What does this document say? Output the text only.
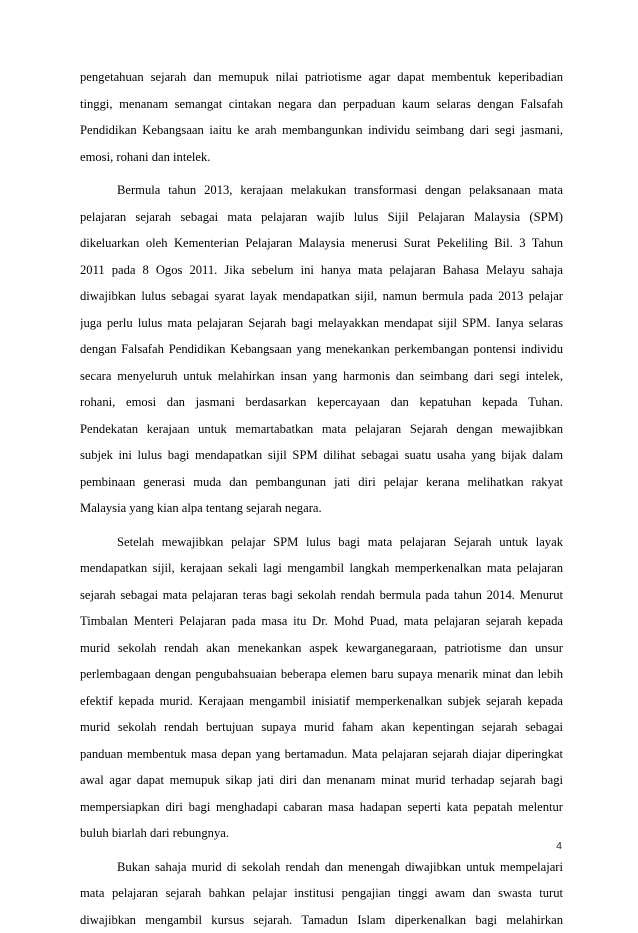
pengetahuan sejarah dan memupuk nilai patriotisme agar dapat membentuk keperibadian
tinggi, menanam semangat cintakan negara dan perpaduan kaum selaras dengan Falsafah
Pendidikan Kebangsaan iaitu ke arah membangunkan individu seimbang dari segi jasmani,
emosi, rohani dan intelek.
Bermula tahun 2013, kerajaan melakukan transformasi dengan pelaksanaan mata
pelajaran sejarah sebagai mata pelajaran wajib lulus Sijil Pelajaran Malaysia (SPM)
dikeluarkan oleh Kementerian Pelajaran Malaysia menerusi Surat Pekeliling Bil. 3 Tahun
2011 pada 8 Ogos 2011. Jika sebelum ini hanya mata pelajaran Bahasa Melayu sahaja
diwajibkan lulus sebagai syarat layak mendapatkan sijil, namun bermula pada 2013 pelajar
juga perlu lulus mata pelajaran Sejarah bagi melayakkan mendapat sijil SPM. Ianya selaras
dengan Falsafah Pendidikan Kebangsaan yang menekankan perkembangan pontensi individu
secara menyeluruh untuk melahirkan insan yang harmonis dan seimbang dari segi intelek,
rohani, emosi dan jasmani berdasarkan kepercayaan dan kepatuhan kepada Tuhan.
Pendekatan kerajaan untuk memartabatkan mata pelajaran Sejarah dengan mewajibkan
subjek ini lulus bagi mendapatkan sijil SPM dilihat sebagai suatu usaha yang bijak dalam
pembinaan generasi muda dan pembangunan jati diri pelajar kerana melihatkan rakyat
Malaysia yang kian alpa tentang sejarah negara.
Setelah mewajibkan pelajar SPM lulus bagi mata pelajaran Sejarah untuk layak
mendapatkan sijil, kerajaan sekali lagi mengambil langkah memperkenalkan mata pelajaran
sejarah sebagai mata pelajaran teras bagi sekolah rendah bermula pada tahun 2014. Menurut
Timbalan Menteri Pelajaran pada masa itu Dr. Mohd Puad, mata pelajaran sejarah kepada
murid sekolah rendah akan menekankan aspek kewarganegaraan, patriotisme dan unsur
perlembagaan dengan pengubahsuaian beberapa elemen baru supaya menarik minat dan lebih
efektif kepada murid. Kerajaan mengambil inisiatif memperkenalkan subjek sejarah kepada
murid sekolah rendah bertujuan supaya murid faham akan kepentingan sejarah sebagai
panduan membentuk masa depan yang bertamadun. Mata pelajaran sejarah diajar diperingkat
awal agar dapat memupuk sikap jati diri dan menanam minat murid terhadap sejarah bagi
mempersiapkan diri bagi menghadapi cabaran masa hadapan seperti kata pepatah melentur
buluh biarlah dari rebungnya.
Bukan sahaja murid di sekolah rendah dan menengah diwajibkan untuk mempelajari
mata pelajaran sejarah bahkan pelajar institusi pengajian tinggi awam dan swasta turut
diwajibkan mengambil kursus sejarah. Tamadun Islam diperkenalkan bagi melahirkan
4
